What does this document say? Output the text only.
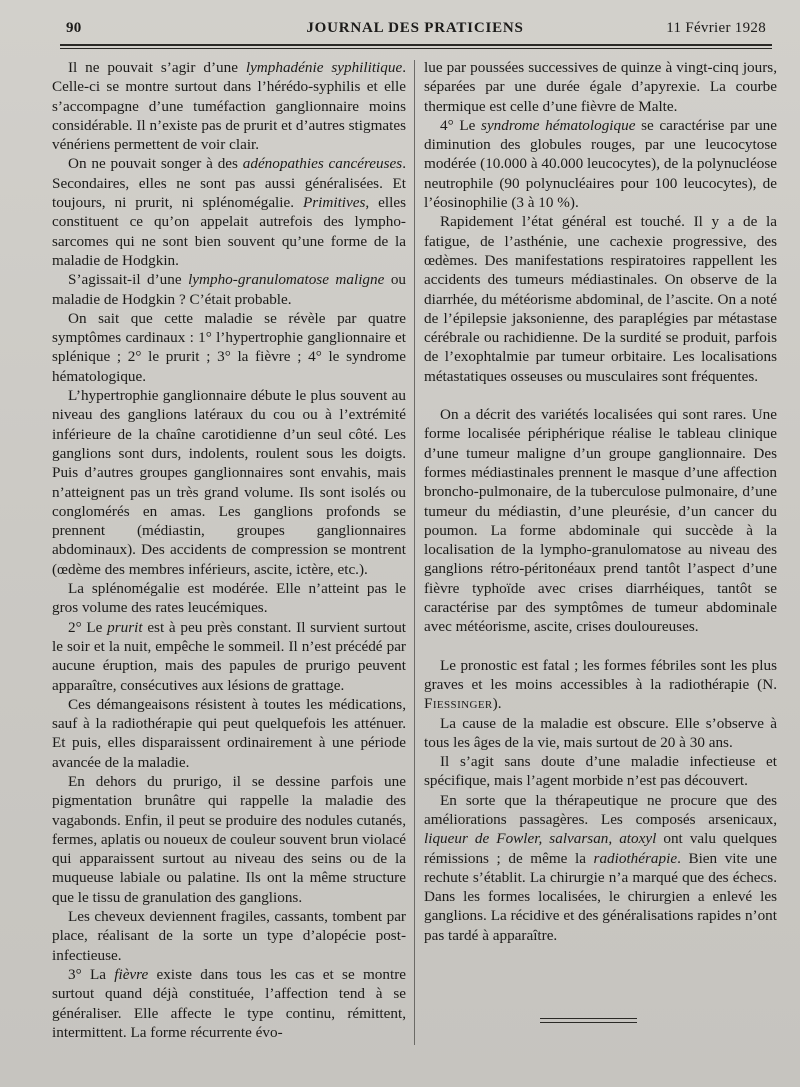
90	JOURNAL DES PRATICIENS	11 Février 1928

Il ne pouvait s’agir d’une lymphadénie syphilitique. Celle-ci se montre surtout dans l’hérédo-syphilis et elle s’accompagne d’une tuméfaction ganglionnaire moins considérable. Il n’existe pas de prurit et d’autres stigmates vénériens permettent de voir clair.

On ne pouvait songer à des adénopathies cancéreuses. Secondaires, elles ne sont pas aussi généralisées. Et toujours, ni prurit, ni splénomégalie. Primitives, elles constituent ce qu’on appelait autrefois des lympho-sarcomes qui ne sont bien souvent qu’une forme de la maladie de Hodgkin.

S’agissait-il d’une lympho-granulomatose maligne ou maladie de Hodgkin ? C’était probable.

On sait que cette maladie se révèle par quatre symptômes cardinaux : 1° l’hypertrophie ganglionnaire et splénique ; 2° le prurit ; 3° la fièvre ; 4° le syndrome hématologique.

L’hypertrophie ganglionnaire débute le plus souvent au niveau des ganglions latéraux du cou ou à l’extrémité inférieure de la chaîne carotidienne d’un seul côté. Les ganglions sont durs, indolents, roulent sous les doigts. Puis d’autres groupes ganglionnaires sont envahis, mais n’atteignent pas un très grand volume. Ils sont isolés ou conglomérés en amas. Les ganglions profonds se prennent (médiastin, groupes ganglionnaires abdominaux). Des accidents de compression se montrent (œdème des membres inférieurs, ascite, ictère, etc.).

La splénomégalie est modérée. Elle n’atteint pas le gros volume des rates leucémiques.

2° Le prurit est à peu près constant. Il survient surtout le soir et la nuit, empêche le sommeil. Il n’est précédé par aucune éruption, mais des papules de prurigo peuvent apparaître, consécutives aux lésions de grattage.

Ces démangeaisons résistent à toutes les médications, sauf à la radiothérapie qui peut quelquefois les atténuer. Et puis, elles disparaissent ordinairement à une période avancée de la maladie.

En dehors du prurigo, il se dessine parfois une pigmentation brunâtre qui rappelle la maladie des vagabonds. Enfin, il peut se produire des nodules cutanés, fermes, aplatis ou noueux de couleur souvent brun violacé qui apparaissent surtout au niveau des seins ou de la muqueuse labiale ou palatine. Ils ont la même structure que le tissu de granulation des ganglions.

Les cheveux deviennent fragiles, cassants, tombent par place, réalisant de la sorte un type d’alopécie post-infectieuse.

3° La fièvre existe dans tous les cas et se montre surtout quand déjà constituée, l’affection tend à se généraliser. Elle affecte le type continu, rémittent, intermittent. La forme récurrente évo-

lue par poussées successives de quinze à vingt-cinq jours, séparées par une durée égale d’apyrexie. La courbe thermique est celle d’une fièvre de Malte.

4° Le syndrome hématologique se caractérise par une diminution des globules rouges, par une leucocytose modérée (10.000 à 40.000 leucocytes), de la polynucléose neutrophile (90 polynucléaires pour 100 leucocytes), de l’éosinophilie (3 à 10 %).

Rapidement l’état général est touché. Il y a de la fatigue, de l’asthénie, une cachexie progressive, des œdèmes. Des manifestations respiratoires rappellent les accidents des tumeurs médiastinales. On observe de la diarrhée, du météorisme abdominal, de l’ascite. On a noté de l’épilepsie jaksonienne, des paraplégies par métastase cérébrale ou rachidienne. De la surdité se produit, parfois de l’exophtalmie par tumeur orbitaire. Les localisations métastatiques osseuses ou musculaires sont fréquentes.

On a décrit des variétés localisées qui sont rares. Une forme localisée périphérique réalise le tableau clinique d’une tumeur maligne d’un groupe ganglionnaire. Des formes médiastinales prennent le masque d’une affection broncho-pulmonaire, de la tuberculose pulmonaire, d’une tumeur du médiastin, d’une pleurésie, d’un cancer du poumon. La forme abdominale qui succède à la localisation de la lympho-granulomatose au niveau des ganglions rétro-péritonéaux prend tantôt l’aspect d’une fièvre typhoïde avec crises diarrhéiques, tantôt se caractérise par des symptômes de tumeur abdominale avec météorisme, ascite, crises douloureuses.

Le pronostic est fatal ; les formes fébriles sont les plus graves et les moins accessibles à la radiothérapie (N. Fiessinger).

La cause de la maladie est obscure. Elle s’observe à tous les âges de la vie, mais surtout de 20 à 30 ans.

Il s’agit sans doute d’une maladie infectieuse et spécifique, mais l’agent morbide n’est pas découvert.

En sorte que la thérapeutique ne procure que des améliorations passagères. Les composés arsenicaux, liqueur de Fowler, salvarsan, atoxyl ont valu quelques rémissions ; de même la radiothérapie. Bien vite une rechute s’établit. La chirurgie n’a marqué que des échecs. Dans les formes localisées, le chirurgien a enlevé les ganglions. La récidive et des généralisations rapides n’ont pas tardé à apparaître.
